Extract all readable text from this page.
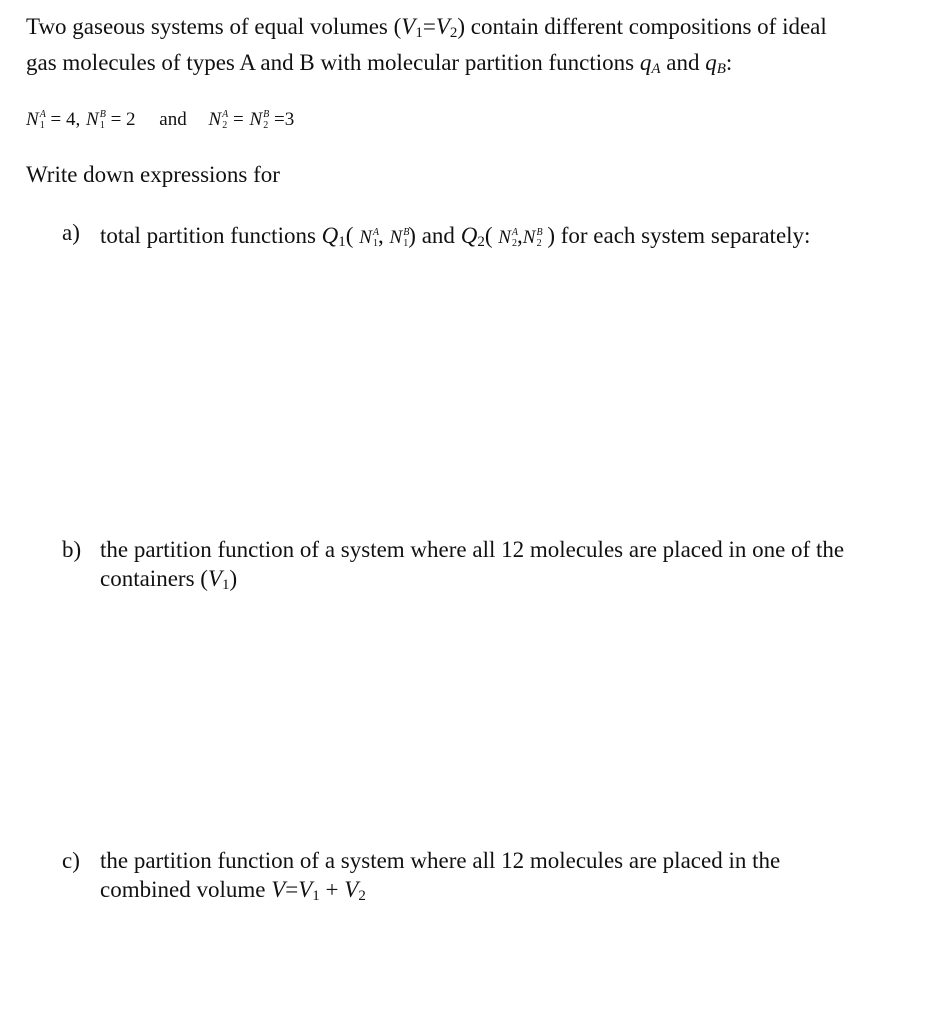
Two gaseous systems of equal volumes (V1=V2) contain different compositions of ideal
gas molecules of types A and B with molecular partition functions qA and qB:
$N^A_1 = 4$, $N^B_1 = 2$ and $N^A_2 = N^B_2 =3$
Write down expressions for
a) total partition functions Q1( $N^A_1$, $N^B_1$) and Q2( $N^A_2,N^B_2$ ) for each system separately:
b) the partition function of a system where all 12 molecules are placed in one of the
containers (V1)
c) the partition function of a system where all 12 molecules are placed in the
combined volume V=V1 + V2
